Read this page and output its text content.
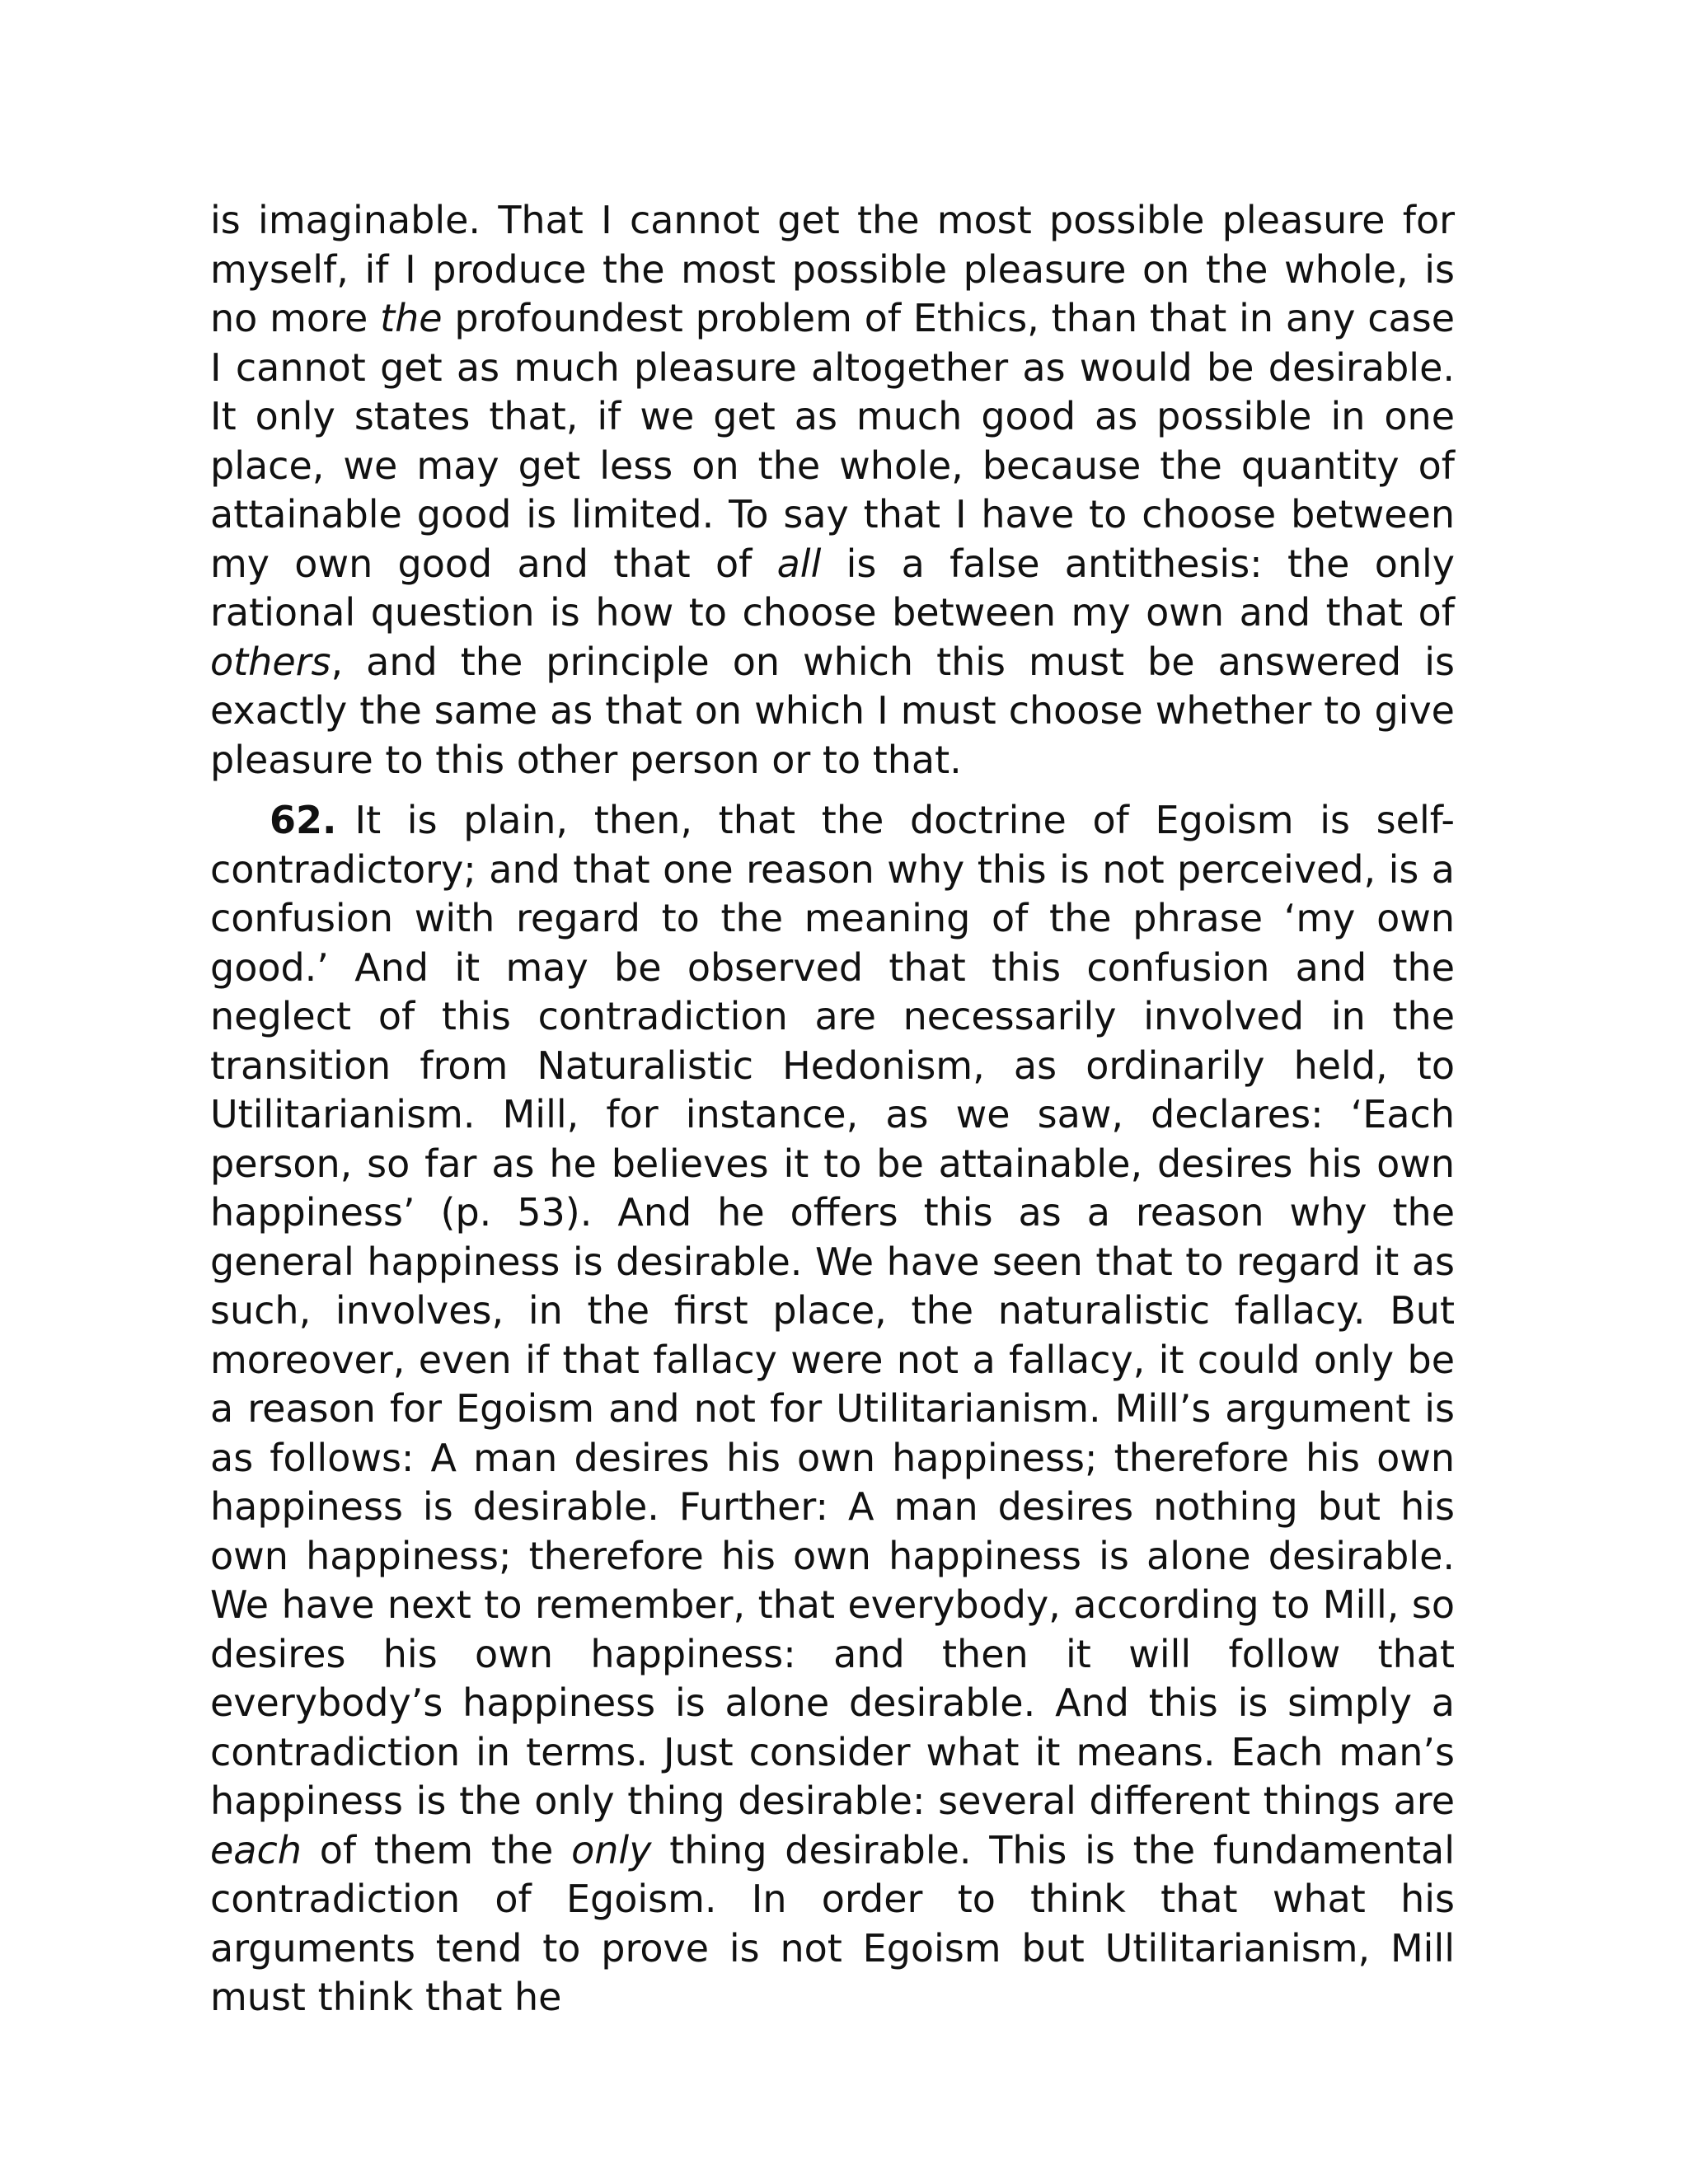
is imaginable. That I cannot get the most possible pleasure for myself, if I produce the most possible pleasure on the whole, is no more the profoundest problem of Ethics, than that in any case I cannot get as much pleasure altogether as would be desirable. It only states that, if we get as much good as possible in one place, we may get less on the whole, because the quantity of attainable good is limited. To say that I have to choose between my own good and that of all is a false antithesis: the only rational question is how to choose between my own and that of others, and the principle on which this must be answered is exactly the same as that on which I must choose whether to give pleasure to this other person or to that.

62. It is plain, then, that the doctrine of Egoism is self-contradictory; and that one reason why this is not perceived, is a confusion with regard to the meaning of the phrase ‘my own good.’ And it may be observed that this confusion and the neglect of this contradiction are necessarily involved in the transition from Naturalistic Hedonism, as ordinarily held, to Utilitarianism. Mill, for instance, as we saw, declares: ‘Each person, so far as he believes it to be attainable, desires his own happiness’ (p. 53). And he offers this as a reason why the general happiness is desirable. We have seen that to regard it as such, involves, in the first place, the naturalistic fallacy. But moreover, even if that fallacy were not a fallacy, it could only be a reason for Egoism and not for Utilitarianism. Mill’s argument is as follows: A man desires his own happiness; therefore his own happiness is desirable. Further: A man desires nothing but his own happiness; therefore his own happiness is alone desirable. We have next to remember, that everybody, according to Mill, so desires his own happiness: and then it will follow that everybody’s happiness is alone desirable. And this is simply a contradiction in terms. Just consider what it means. Each man’s happiness is the only thing desirable: several different things are each of them the only thing desirable. This is the fundamental contradiction of Egoism. In order to think that what his arguments tend to prove is not Egoism but Utilitarianism, Mill must think that he
